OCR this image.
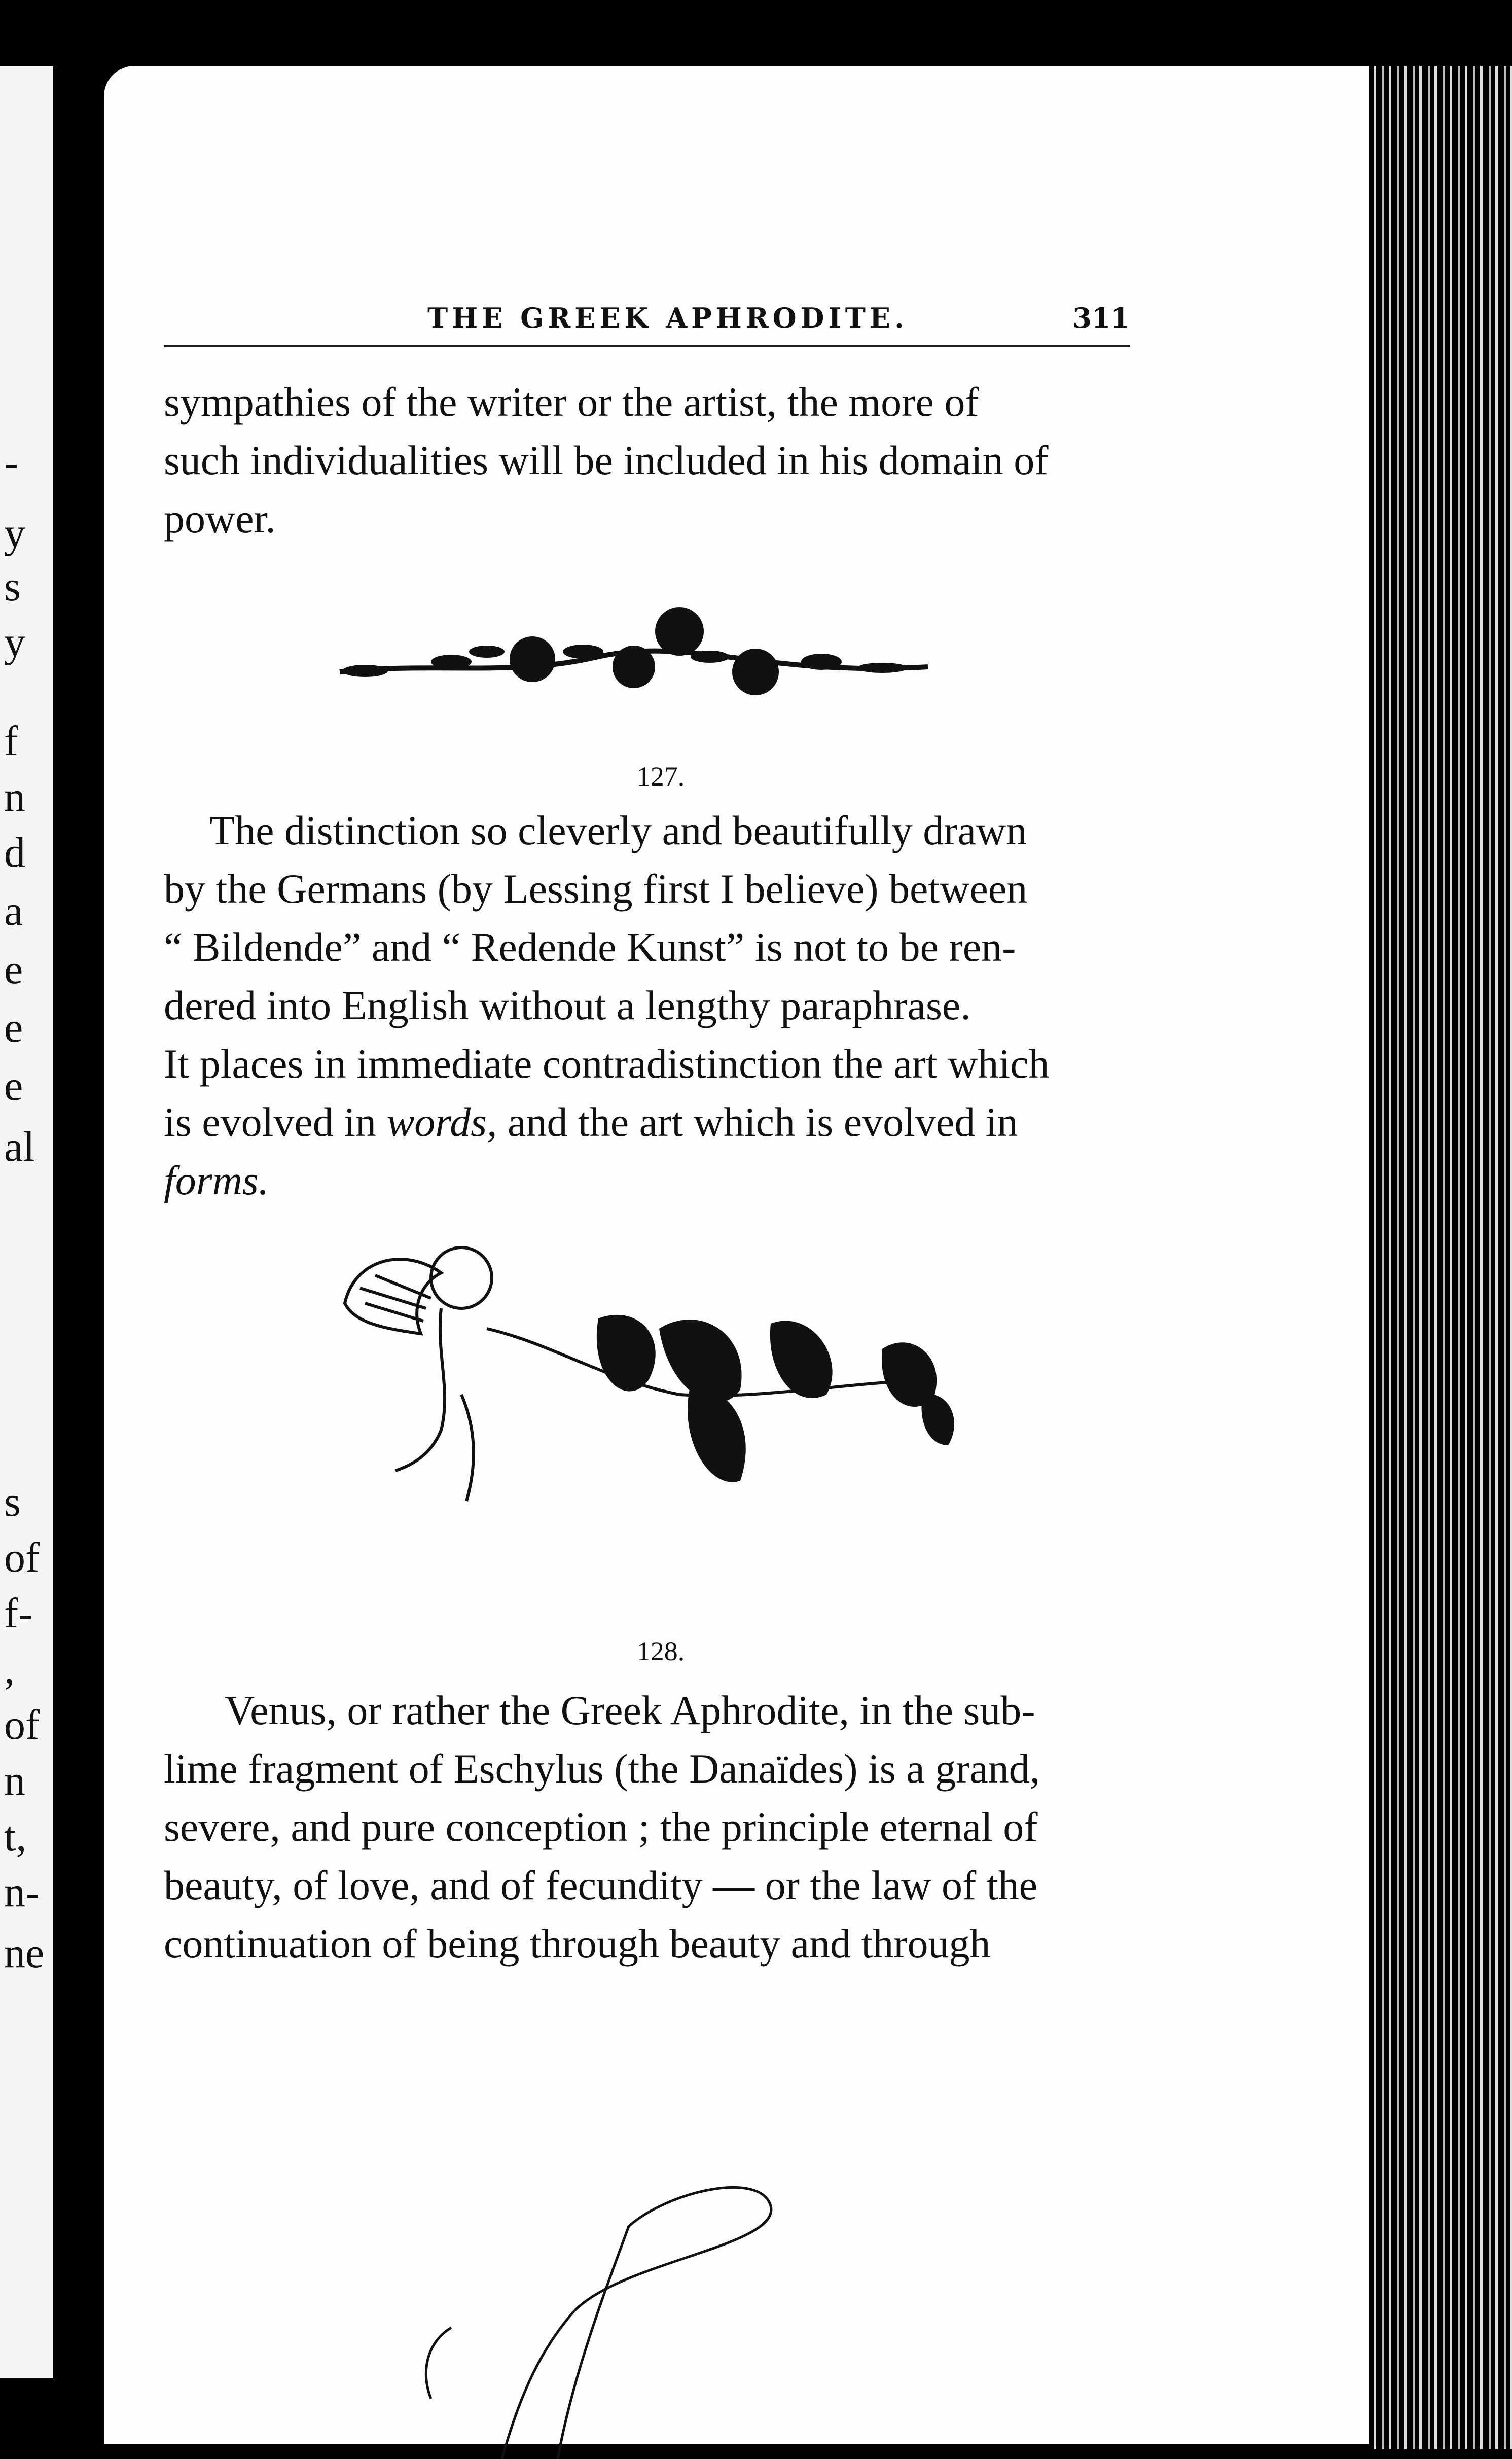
-
y
s
y
f
n
d
a
e
e
e
al
s
of
f-
,
of
n
t,
n-
ne
THE GREEK APHRODITE.	311
sympathies of the writer or the artist, the more of
such individualities will be included in his domain of
power.
127.
The distinction so cleverly and beautifully drawn
by the Germans (by Lessing first I believe) between
“ Bildende” and “ Redende Kunst” is not to be ren-
dered into English without a lengthy paraphrase.
It places in immediate contradistinction the art which
is evolved in words, and the art which is evolved in
forms.
128.
Venus, or rather the Greek Aphrodite, in the sub-
lime fragment of Eschylus (the Danaïdes) is a grand,
severe, and pure conception ; the principle eternal of
beauty, of love, and of fecundity — or the law of the
continuation of being through beauty and through
